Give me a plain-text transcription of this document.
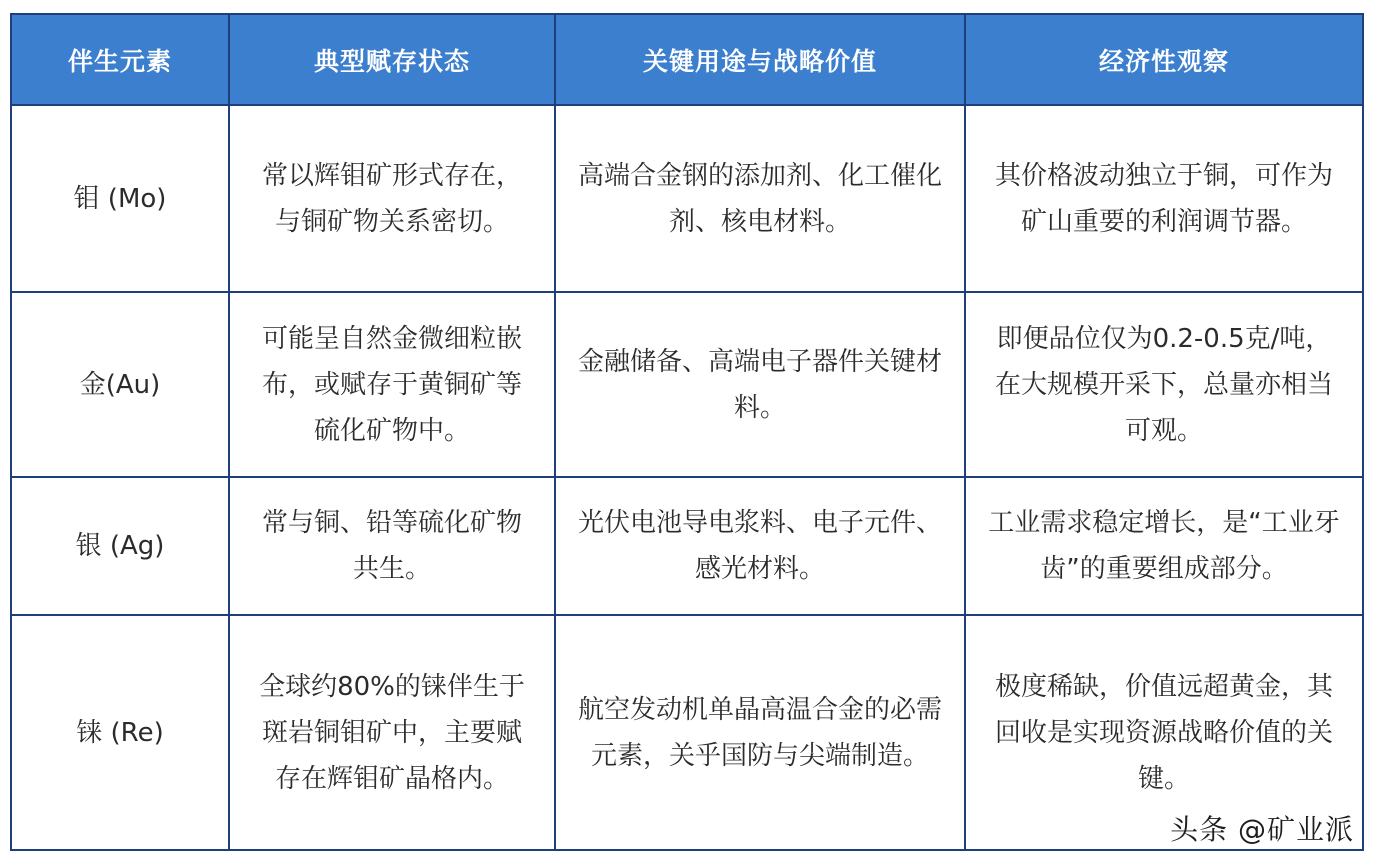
伴生元素	典型赋存状态	关键用途与战略价值	经济性观察
钼 (Mo)	常以辉钼矿形式存在，与铜矿物关系密切。	高端合金钢的添加剂、化工催化剂、核电材料。	其价格波动独立于铜，可作为矿山重要的利润调节器。
金(Au)	可能呈自然金微细粒嵌布，或赋存于黄铜矿等硫化矿物中。	金融储备、高端电子器件关键材料。	即便品位仅为0.2-0.5克/吨，在大规模开采下，总量亦相当可观。
银 (Ag)	常与铜、铅等硫化矿物共生。	光伏电池导电浆料、电子元件、感光材料。	工业需求稳定增长，是“工业牙齿”的重要组成部分。
铼 (Re)	全球约80%的铼伴生于斑岩铜钼矿中，主要赋存在辉钼矿晶格内。	航空发动机单晶高温合金的必需元素，关乎国防与尖端制造。	极度稀缺，价值远超黄金，其回收是实现资源战略价值的关键。
头条 @矿业派
